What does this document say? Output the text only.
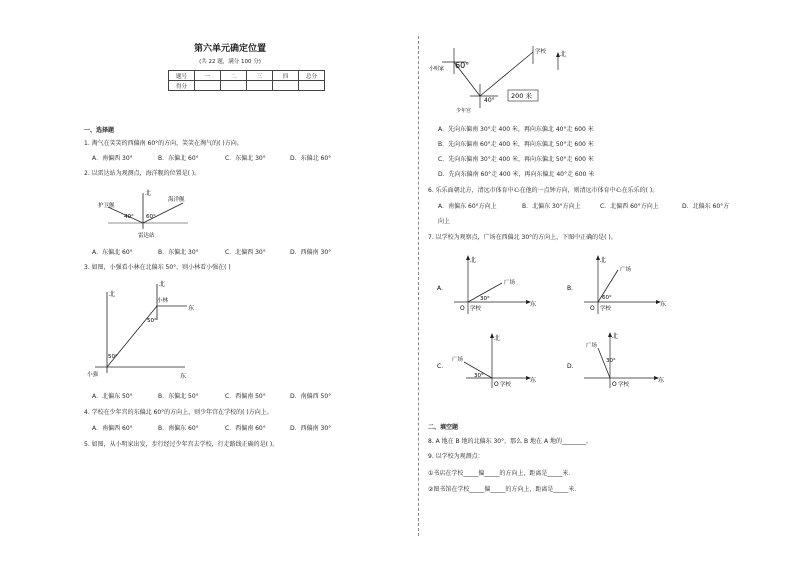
第六单元确定位置
(共 22 题，满分 100 分)
题号	一	二	三	四	总分
得分					
一、选择题
1. 淘气在笑笑的西偏南 60°的方向，笑笑在淘气的( )方向。
A．南偏西 30°	B．东偏北 60°	C．东偏北 30°	D．东偏北 60°
2. 以雷达站为观测点，海洋舰的位置是( )。
北
护卫舰
海洋舰
40° 60°
雷达站
A．东偏北 60°	B．东偏北 30°	C．北偏西 30°	D．西偏南 30°
3. 如图，小强看小林在北偏东 50°，则小林看小强在( )
北
北
东
东
小林
小强
50°
50°
A．北偏东 50°	B．东偏北 50°	C．西偏南 50°	D．南偏西 50°
4. 学校在少年宫的东偏北 60°的方向上，则少年宫在学校的( )方向上。
A．南偏西 60°	B．南偏东 60°	C．西偏南 60°	D．西偏南 30°
5. 如图，从小明家出发，步行经过少年宫去学校，行走路线正确的是( )。
小明家 60°
少年宫
40°
学校 北
200 米
A．先向东偏南 30°走 400 米，再向东偏北 40°走 600 米
B．先向东偏南 60°走 400 米，再向东偏北 50°走 600 米
C．先向东偏南 30°走 400 米，再向东偏北 50°走 600 米
D．先向东偏南 60°走 400 米，再向东偏北 40°走 600 米
6. 乐乐面朝北方，清远市体育中心在他的一点钟方向，则清远市体育中心在乐乐的( )。
A．南偏东 60°方向上	B．北偏东 30°方向上	C．北偏西 60°方向上	D．北偏东 60°方
向上
7. 以学校为观察点，广场在西偏北 30°的方向上，下图中正确的是( )。
A．
北
东
广场
30°
O 学校
B．
北
东
广场
60°
O 学校
C．
北
东
广场
30°
O 学校
D．
北
东
广场
30°
O 学校
二、填空题
8. A 地在 B 地的北偏东 30°，那么 B 地在 A 地的________。
9. 以学校为观测点：
①书店在学校_____偏_____的方向上，距离是_____米．
②图书馆在学校_____偏_____的方向上，距离是_____米．
